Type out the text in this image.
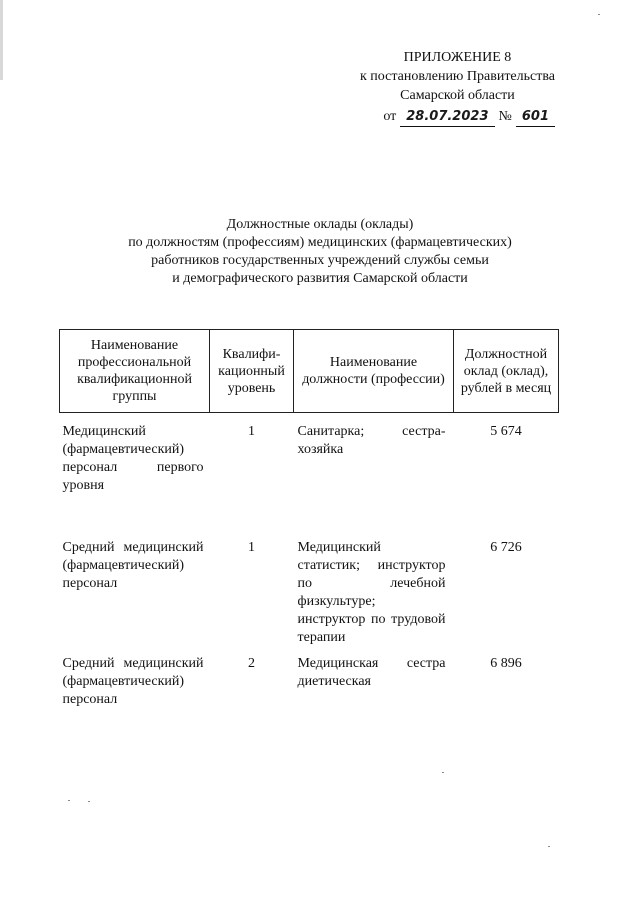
ПРИЛОЖЕНИЕ 8
к постановлению Правительства
Самарской области
от 28.07.2023 № 601
Должностные оклады (оклады)
по должностям (профессиям) медицинских (фармацевтических)
работников государственных учреждений службы семьи
и демографического развития Самарской области
Наименование профессиональной квалификационной группы	Квалифи-кационный уровень	Наименование должности (профессии)	Должностной оклад (оклад), рублей в месяц
Медицинский (фармацевтический) персонал первого уровня	1	Санитарка; сестра-хозяйка	5 674
Средний медицинский (фармацевтический) персонал	1	Медицинский статистик; инструктор по лечебной физкультуре; инструктор по трудовой терапии	6 726
Средний медицинский (фармацевтический) персонал	2	Медицинская сестра диетическая	6 896
